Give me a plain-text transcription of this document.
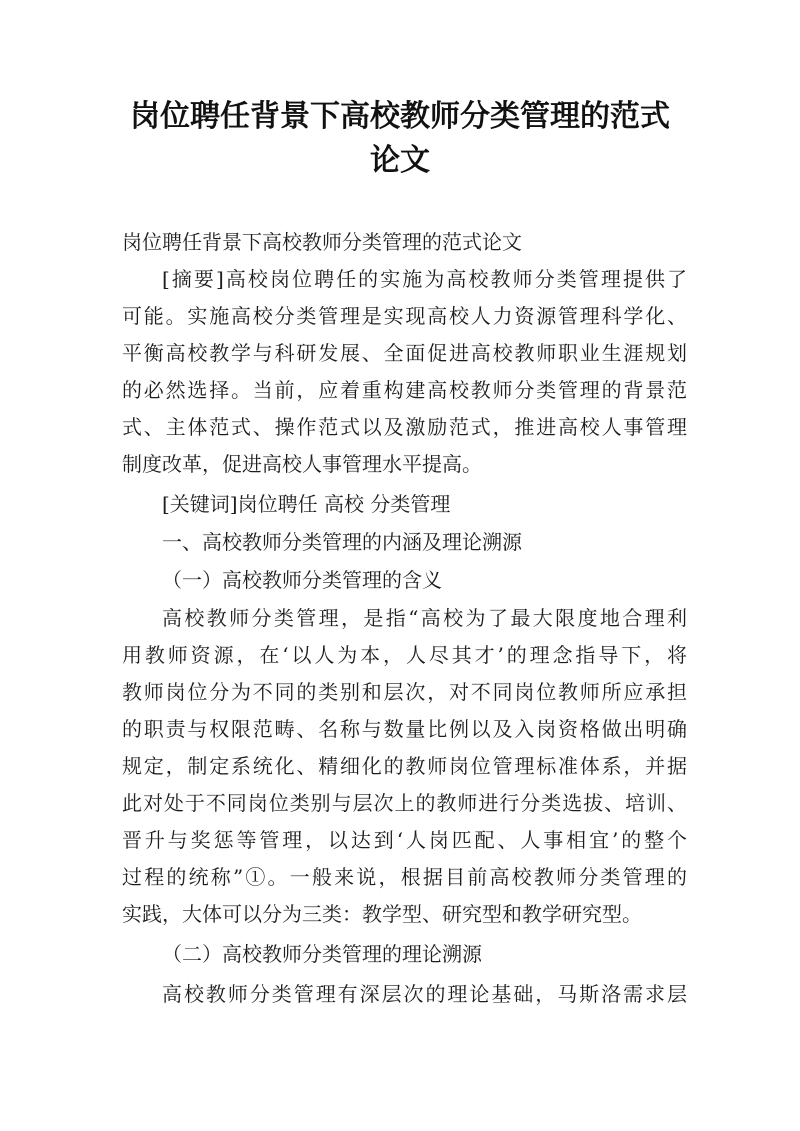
岗位聘任背景下高校教师分类管理的范式
论文
岗位聘任背景下高校教师分类管理的范式论文
[摘要]高校岗位聘任的实施为高校教师分类管理提供了
可能。实施高校分类管理是实现高校人力资源管理科学化、
平衡高校教学与科研发展、全面促进高校教师职业生涯规划
的必然选择。当前，应着重构建高校教师分类管理的背景范
式、主体范式、操作范式以及激励范式，推进高校人事管理
制度改革，促进高校人事管理水平提高。
[关键词]岗位聘任 高校 分类管理
一、高校教师分类管理的内涵及理论溯源
（一）高校教师分类管理的含义
高校教师分类管理，是指“高校为了最大限度地合理利
用教师资源，在‘以人为本，人尽其才’的理念指导下，将
教师岗位分为不同的类别和层次，对不同岗位教师所应承担
的职责与权限范畴、名称与数量比例以及入岗资格做出明确
规定，制定系统化、精细化的教师岗位管理标准体系，并据
此对处于不同岗位类别与层次上的教师进行分类选拔、培训、
晋升与奖惩等管理，以达到‘人岗匹配、人事相宜’的整个
过程的统称”①。一般来说，根据目前高校教师分类管理的
实践，大体可以分为三类：教学型、研究型和教学研究型。
（二）高校教师分类管理的理论溯源
高校教师分类管理有深层次的理论基础，马斯洛需求层
